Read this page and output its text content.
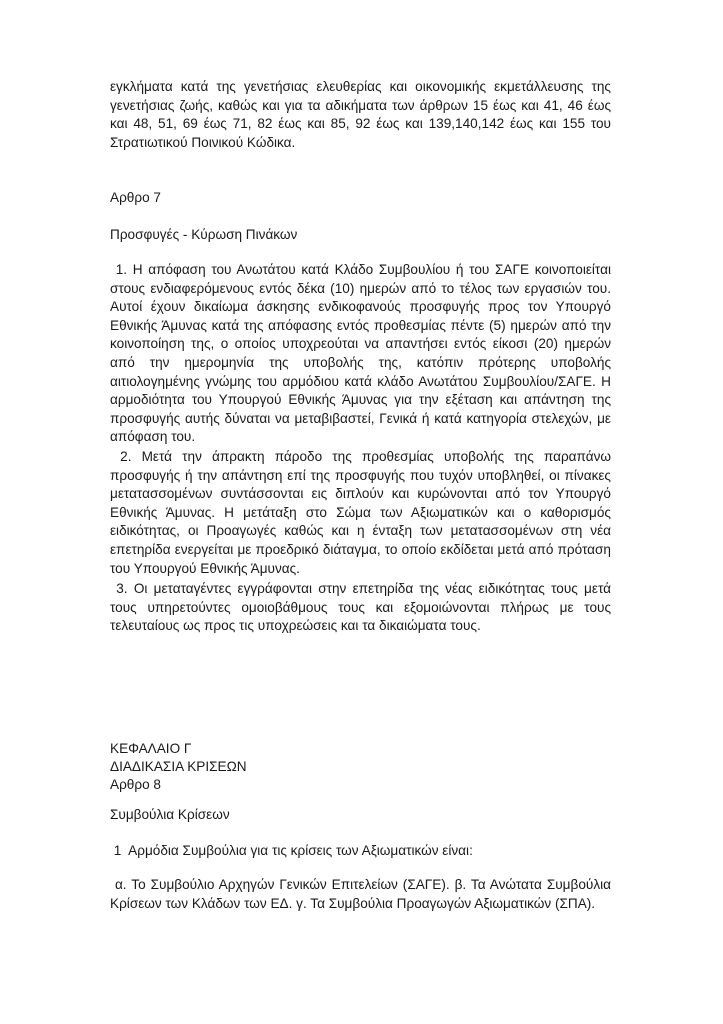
εγκλήματα κατά της γενετήσιας ελευθερίας και οικονομικής εκμετάλλευσης της γενετήσιας ζωής, καθώς και για τα αδικήματα των άρθρων 15 έως και 41, 46 έως και 48, 51, 69 έως 71, 82 έως και 85, 92 έως και 139,140,142 έως και 155 του Στρατιωτικού Ποινικού Κώδικα.

Αρθρο 7

Προσφυγές - Κύρωση Πινάκων

1. Η απόφαση του Ανωτάτου κατά Κλάδο Συμβουλίου ή του ΣΑΓΕ κοινοποιείται στους ενδιαφερόμενους εντός δέκα (10) ημερών από το τέλος των εργασιών του. Αυτοί έχουν δικαίωμα άσκησης ενδικοφανούς προσφυγής προς τον Υπουργό Εθνικής Άμυνας κατά της απόφασης εντός προθεσμίας πέντε (5) ημερών από την κοινοποίηση της, ο οποίος υποχρεούται να απαντήσει εντός είκοσι (20) ημερών από την ημερομηνία της υποβολής της, κατόπιν πρότερης υποβολής αιτιολογημένης γνώμης του αρμόδιου κατά κλάδο Ανωτάτου Συμβουλίου/ΣΑΓΕ. Η αρμοδιότητα του Υπουργού Εθνικής Άμυνας για την εξέταση και απάντηση της προσφυγής αυτής δύναται να μεταβιβαστεί, Γενικά ή κατά κατηγορία στελεχών, με απόφαση του.

2. Μετά την άπρακτη πάροδο της προθεσμίας υποβολής της παραπάνω προσφυγής ή την απάντηση επί της προσφυγής που τυχόν υποβληθεί, οι πίνακες μετατασσομένων συντάσσονται εις διπλούν και κυρώνονται από τον Υπουργό Εθνικής Άμυνας. Η μετάταξη στο Σώμα των Αξιωματικών και ο καθορισμός ειδικότητας, οι Προαγωγές καθώς και η ένταξη των μετατασσομένων στη νέα επετηρίδα ενεργείται με προεδρικό διάταγμα, το οποίο εκδίδεται μετά από πρόταση του Υπουργού Εθνικής Άμυνας.

3. Οι μεταταγέντες εγγράφονται στην επετηρίδα της νέας ειδικότητας τους μετά τους υπηρετούντες ομοιοβάθμους τους και εξομοιώνονται πλήρως με τους τελευταίους ως προς τις υποχρεώσεις και τα δικαιώματα τους.

ΚΕΦΑΛΑΙΟ Γ

ΔΙΑΔΙΚΑΣΙΑ ΚΡΙΣΕΩΝ

Αρθρο 8

Συμβούλια Κρίσεων

1  Αρμόδια Συμβούλια για τις κρίσεις των Αξιωματικών είναι:

α. Το Συμβούλιο Αρχηγών Γενικών Επιτελείων (ΣΑΓΕ). β. Τα Ανώτατα Συμβούλια Κρίσεων των Κλάδων των ΕΔ. γ. Τα Συμβούλια Προαγωγών Αξιωματικών (ΣΠΑ).
